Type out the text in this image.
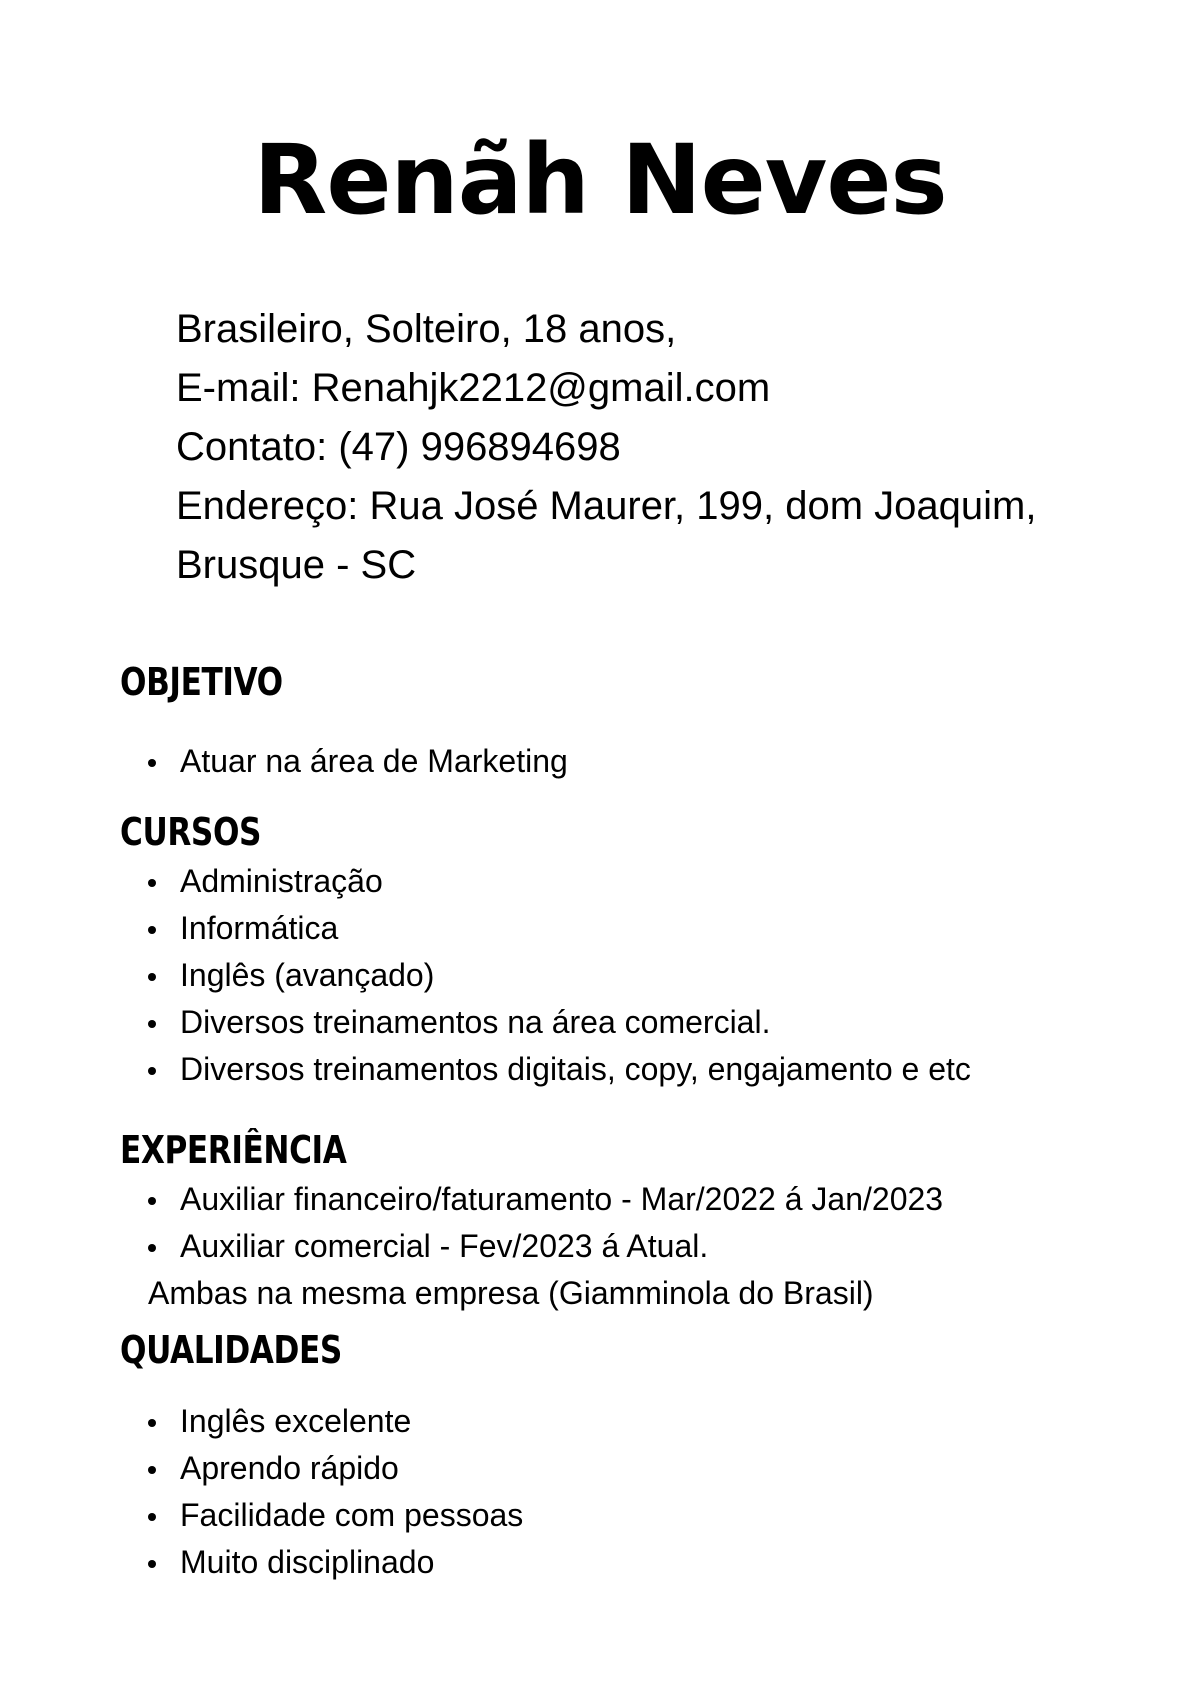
Renãh Neves
Brasileiro, Solteiro, 18 anos,
E-mail: Renahjk2212@gmail.com
Contato: (47) 996894698
Endereço: Rua José Maurer, 199, dom Joaquim,
Brusque - SC
OBJETIVO
Atuar na área de Marketing
CURSOS
Administração
Informática
Inglês (avançado)
Diversos treinamentos na área comercial.
Diversos treinamentos digitais, copy, engajamento e etc
EXPERIÊNCIA
Auxiliar financeiro/faturamento - Mar/2022 á Jan/2023
Auxiliar comercial - Fev/2023 á Atual.

Ambas na mesma empresa (Giamminola do Brasil)

QUALIDADES
Inglês excelente
Aprendo rápido
Facilidade com pessoas
Muito disciplinado
